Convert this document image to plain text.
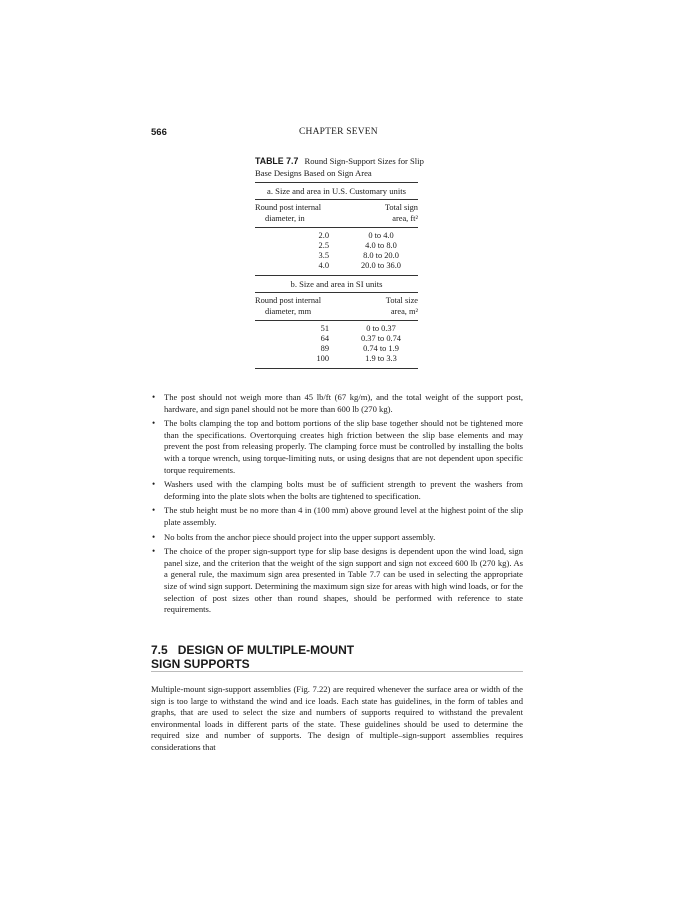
566	CHAPTER SEVEN
TABLE 7.7 Round Sign-Support Sizes for Slip Base Designs Based on Sign Area
a. Size and area in U.S. Customary units
Round post internal
diameter, in
Total sign
area, ft²
2.0	0 to 4.0
2.5	4.0 to 8.0
3.5	8.0 to 20.0
4.0	20.0 to 36.0
b. Size and area in SI units
Round post internal
diameter, mm
Total size
area, m²
51	0 to 0.37
64	0.37 to 0.74
89	0.74 to 1.9
100	1.9 to 3.3
• The post should not weigh more than 45 lb/ft (67 kg/m), and the total weight of the support post, hardware, and sign panel should not be more than 600 lb (270 kg).
• The bolts clamping the top and bottom portions of the slip base together should not be tightened more than the specifications. Overtorquing creates high friction between the slip base elements and may prevent the post from releasing properly. The clamping force must be controlled by installing the bolts with a torque wrench, using torque-limiting nuts, or using designs that are not dependent upon specific torque requirements.
• Washers used with the clamping bolts must be of sufficient strength to prevent the washers from deforming into the plate slots when the bolts are tightened to specification.
• The stub height must be no more than 4 in (100 mm) above ground level at the highest point of the slip plate assembly.
• No bolts from the anchor piece should project into the upper support assembly.
• The choice of the proper sign-support type for slip base designs is dependent upon the wind load, sign panel size, and the criterion that the weight of the sign support and sign not exceed 600 lb (270 kg). As a general rule, the maximum sign area presented in Table 7.7 can be used in selecting the appropriate size of wind sign support. Determining the maximum sign size for areas with high wind loads, or for the selection of post sizes other than round shapes, should be performed with reference to state requirements.
7.5 DESIGN OF MULTIPLE-MOUNT
SIGN SUPPORTS

Multiple-mount sign-support assemblies (Fig. 7.22) are required whenever the surface area or width of the sign is too large to withstand the wind and ice loads. Each state has guidelines, in the form of tables and graphs, that are used to select the size and numbers of supports required to withstand the prevalent environmental loads in different parts of the state. These guidelines should be used to determine the required size and number of supports. The design of multiple–sign-support assemblies requires considerations that
